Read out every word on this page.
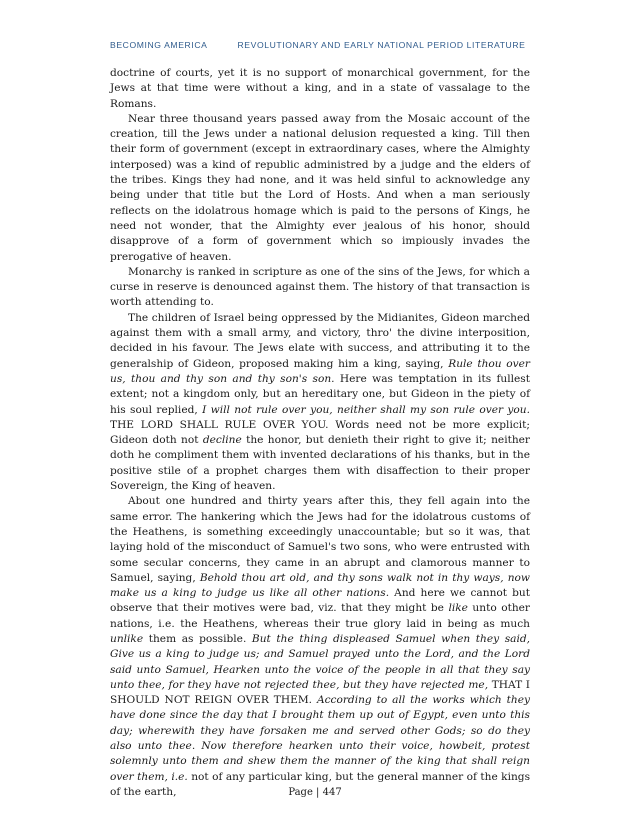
BECOMING AMERICA	REVOLUTIONARY AND EARLY NATIONAL PERIOD LITERATURE

doctrine of courts, yet it is no support of monarchical government, for the Jews at that time were without a king, and in a state of vassalage to the Romans.

Near three thousand years passed away from the Mosaic account of the creation, till the Jews under a national delusion requested a king. Till then their form of government (except in extraordinary cases, where the Almighty interposed) was a kind of republic administred by a judge and the elders of the tribes. Kings they had none, and it was held sinful to acknowledge any being under that title but the Lord of Hosts. And when a man seriously reflects on the idolatrous homage which is paid to the persons of Kings, he need not wonder, that the Almighty ever jealous of his honor, should disapprove of a form of government which so impiously invades the prerogative of heaven.

Monarchy is ranked in scripture as one of the sins of the Jews, for which a curse in reserve is denounced against them. The history of that transaction is worth attending to.

The children of Israel being oppressed by the Midianites, Gideon marched against them with a small army, and victory, thro' the divine interposition, decided in his favour. The Jews elate with success, and attributing it to the generalship of Gideon, proposed making him a king, saying, Rule thou over us, thou and thy son and thy son's son. Here was temptation in its fullest extent; not a kingdom only, but an hereditary one, but Gideon in the piety of his soul replied, I will not rule over you, neither shall my son rule over you. THE LORD SHALL RULE OVER YOU. Words need not be more explicit; Gideon doth not decline the honor, but denieth their right to give it; neither doth he compliment them with invented declarations of his thanks, but in the positive stile of a prophet charges them with disaffection to their proper Sovereign, the King of heaven.

About one hundred and thirty years after this, they fell again into the same error. The hankering which the Jews had for the idolatrous customs of the Heathens, is something exceedingly unaccountable; but so it was, that laying hold of the misconduct of Samuel's two sons, who were entrusted with some secular concerns, they came in an abrupt and clamorous manner to Samuel, saying, Behold thou art old, and thy sons walk not in thy ways, now make us a king to judge us like all other nations. And here we cannot but observe that their motives were bad, viz. that they might be like unto other nations, i.e. the Heathens, whereas their true glory laid in being as much unlike them as possible. But the thing displeased Samuel when they said, Give us a king to judge us; and Samuel prayed unto the Lord, and the Lord said unto Samuel, Hearken unto the voice of the people in all that they say unto thee, for they have not rejected thee, but they have rejected me, THAT I SHOULD NOT REIGN OVER THEM. According to all the works which they have done since the day that I brought them up out of Egypt, even unto this day; wherewith they have forsaken me and served other Gods; so do they also unto thee. Now therefore hearken unto their voice, howbeit, protest solemnly unto them and shew them the manner of the king that shall reign over them, i.e. not of any particular king, but the general manner of the kings of the earth,	Page | 447
